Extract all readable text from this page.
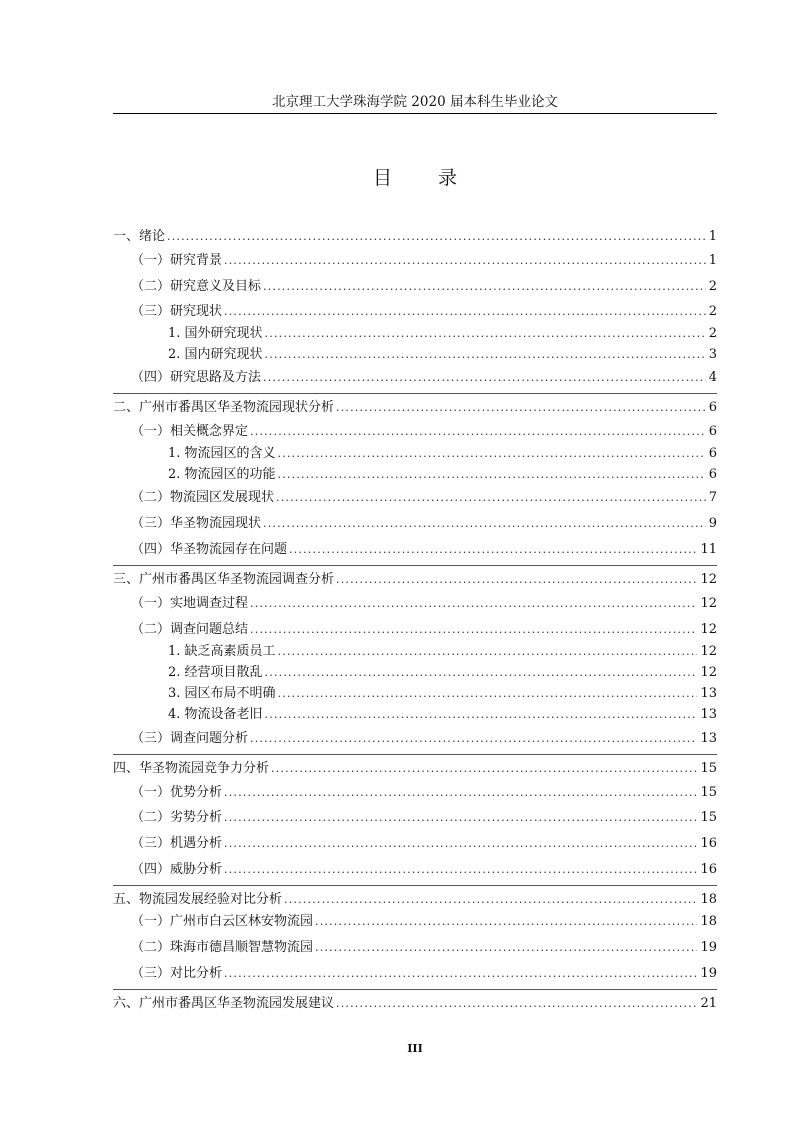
北京理工大学珠海学院 2020 届本科生毕业论文
目 录
一、绪论 .....	1
（一）研究背景 .....	1
（二）研究意义及目标 .....	2
（三）研究现状 .....	2
1. 国外研究现状 .....	2
2. 国内研究现状 .....	3
（四）研究思路及方法 .....	4
二、广州市番禺区华圣物流园现状分析 .....	6
（一）相关概念界定 .....	6
1. 物流园区的含义 .....	6
2. 物流园区的功能 .....	6
（二）物流园区发展现状 .....	7
（三）华圣物流园现状 .....	9
（四）华圣物流园存在问题 .....	11
三、广州市番禺区华圣物流园调查分析 .....	12
（一）实地调查过程 .....	12
（二）调查问题总结 .....	12
1. 缺乏高素质员工 .....	12
2. 经营项目散乱 .....	12
3. 园区布局不明确 .....	13
4. 物流设备老旧 .....	13
（三）调查问题分析 .....	13
四、华圣物流园竞争力分析 .....	15
（一）优势分析 .....	15
（二）劣势分析 .....	15
（三）机遇分析 .....	16
（四）威胁分析 .....	16
五、物流园发展经验对比分析 .....	18
（一）广州市白云区林安物流园 .....	18
（二）珠海市德昌顺智慧物流园 .....	19
（三）对比分析 .....	19
六、广州市番禺区华圣物流园发展建议 .....	21
III
